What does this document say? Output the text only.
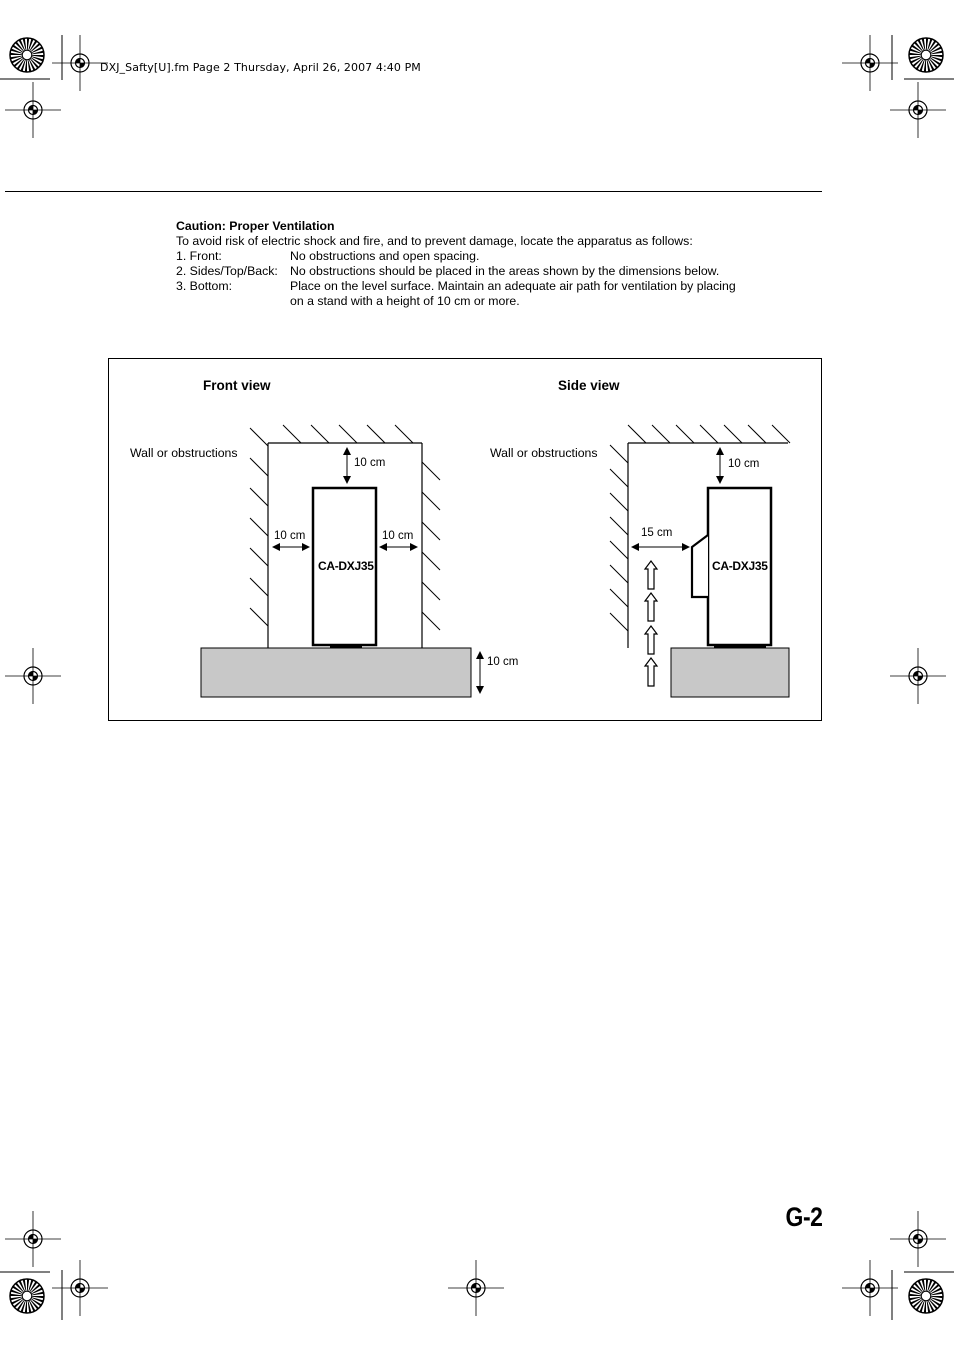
DXJ_Safty[U].fm Page 2 Thursday, April 26, 2007 4:40 PM
Caution: Proper Ventilation
To avoid risk of electric shock and fire, and to prevent damage, locate the apparatus as follows:
1. Front:	No obstructions and open spacing.
2. Sides/Top/Back: No obstructions should be placed in the areas shown by the dimensions below.
3. Bottom:	Place on the level surface. Maintain an adequate air path for ventilation by placing
on a stand with a height of 10 cm or more.
Front view	Side view
Wall or obstructions	Wall or obstructions
10 cm
10 cm	10 cm
10 cm
CA-DXJ35
10 cm
15 cm
CA-DXJ35
G-2
